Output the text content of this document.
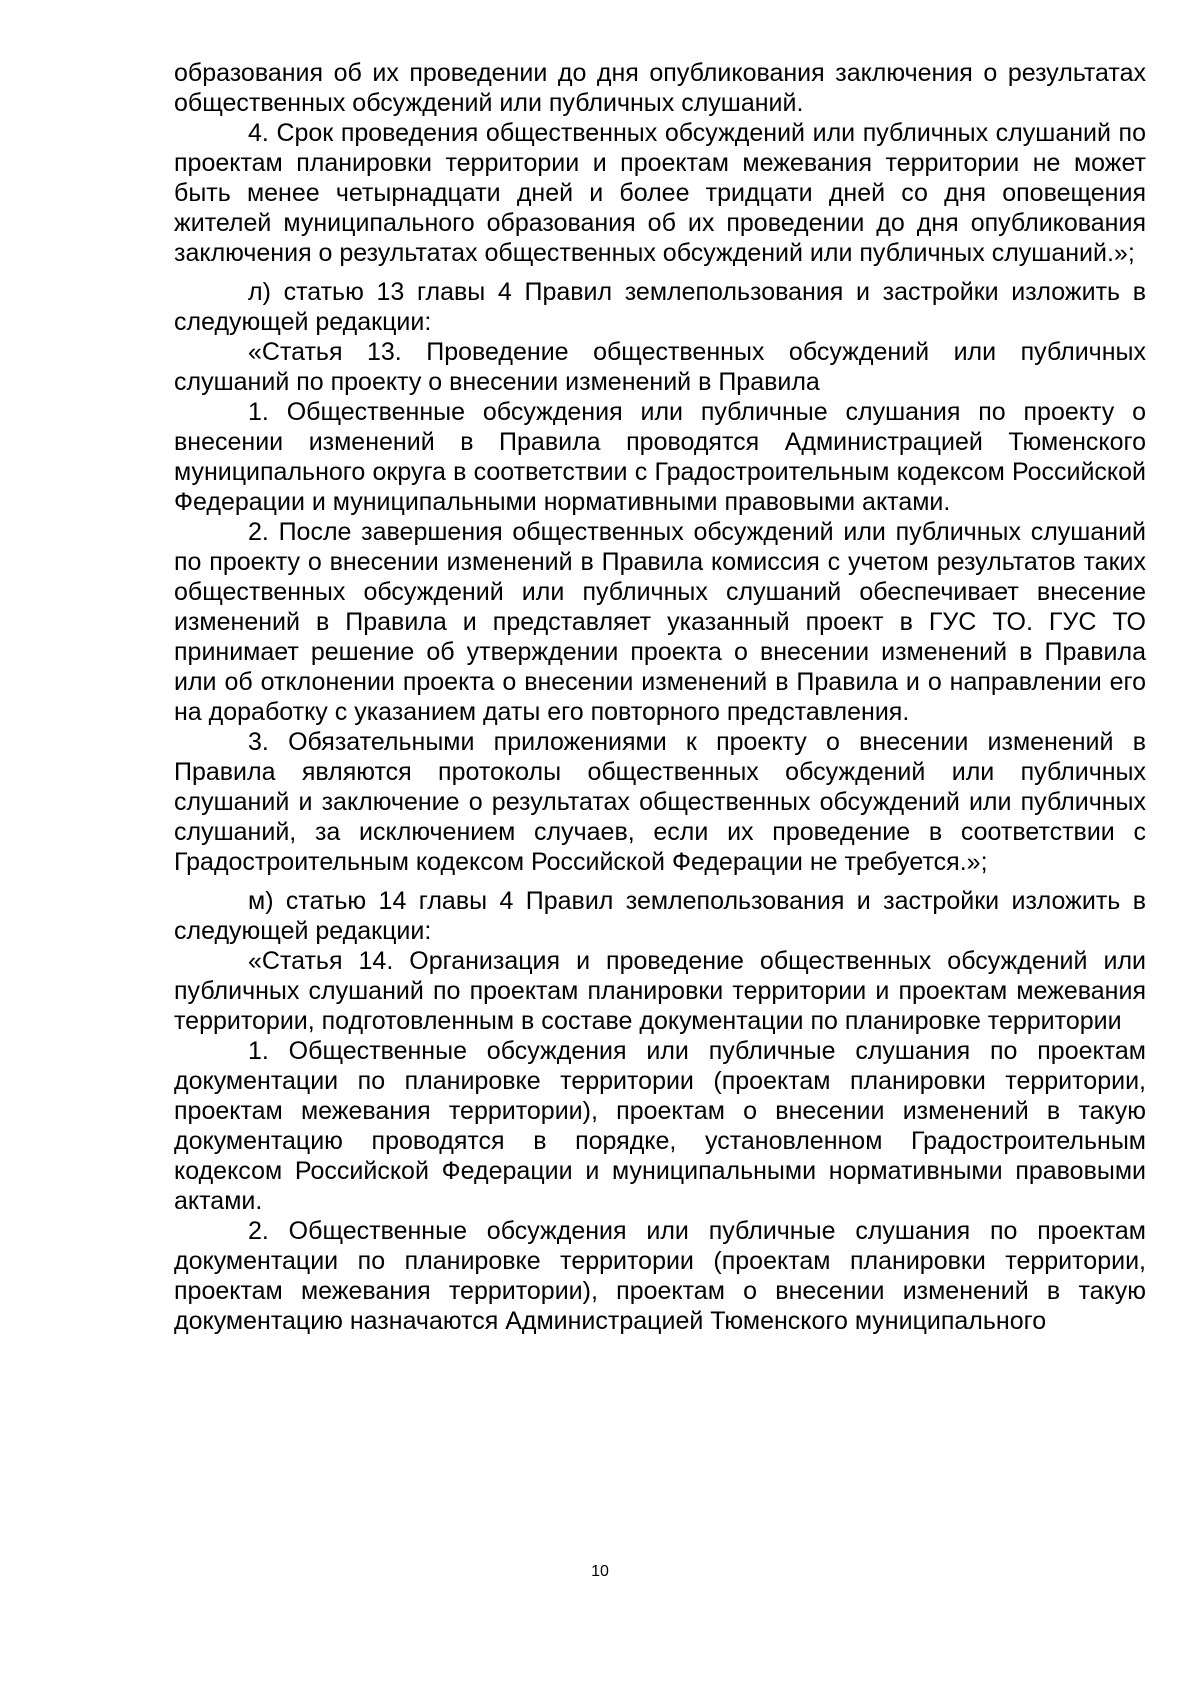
образования об их проведении до дня опубликования заключения о результатах общественных обсуждений или публичных слушаний.

4. Срок проведения общественных обсуждений или публичных слушаний по проектам планировки территории и проектам межевания территории не может быть менее четырнадцати дней и более тридцати дней со дня оповещения жителей муниципального образования об их проведении до дня опубликования заключения о результатах общественных обсуждений или публичных слушаний.»;

л) статью 13 главы 4 Правил землепользования и застройки изложить в следующей редакции:

«Статья 13. Проведение общественных обсуждений или публичных слушаний по проекту о внесении изменений в Правила

1. Общественные обсуждения или публичные слушания по проекту о внесении изменений в Правила проводятся Администрацией Тюменского муниципального округа в соответствии с Градостроительным кодексом Российской Федерации и муниципальными нормативными правовыми актами.

2. После завершения общественных обсуждений или публичных слушаний по проекту о внесении изменений в Правила комиссия с учетом результатов таких общественных обсуждений или публичных слушаний обеспечивает внесение изменений в Правила и представляет указанный проект в ГУС ТО. ГУС ТО принимает решение об утверждении проекта о внесении изменений в Правила или об отклонении проекта о внесении изменений в Правила и о направлении его на доработку с указанием даты его повторного представления.

3. Обязательными приложениями к проекту о внесении изменений в Правила являются протоколы общественных обсуждений или публичных слушаний и заключение о результатах общественных обсуждений или публичных слушаний, за исключением случаев, если их проведение в соответствии с Градостроительным кодексом Российской Федерации не требуется.»;

м) статью 14 главы 4 Правил землепользования и застройки изложить в следующей редакции:

«Статья 14. Организация и проведение общественных обсуждений или публичных слушаний по проектам планировки территории и проектам межевания территории, подготовленным в составе документации по планировке территории

1. Общественные обсуждения или публичные слушания по проектам документации по планировке территории (проектам планировки территории, проектам межевания территории), проектам о внесении изменений в такую документацию проводятся в порядке, установленном Градостроительным кодексом Российской Федерации и муниципальными нормативными правовыми актами.

2. Общественные обсуждения или публичные слушания по проектам документации по планировке территории (проектам планировки территории, проектам межевания территории), проектам о внесении изменений в такую документацию назначаются Администрацией Тюменского муниципального

10
